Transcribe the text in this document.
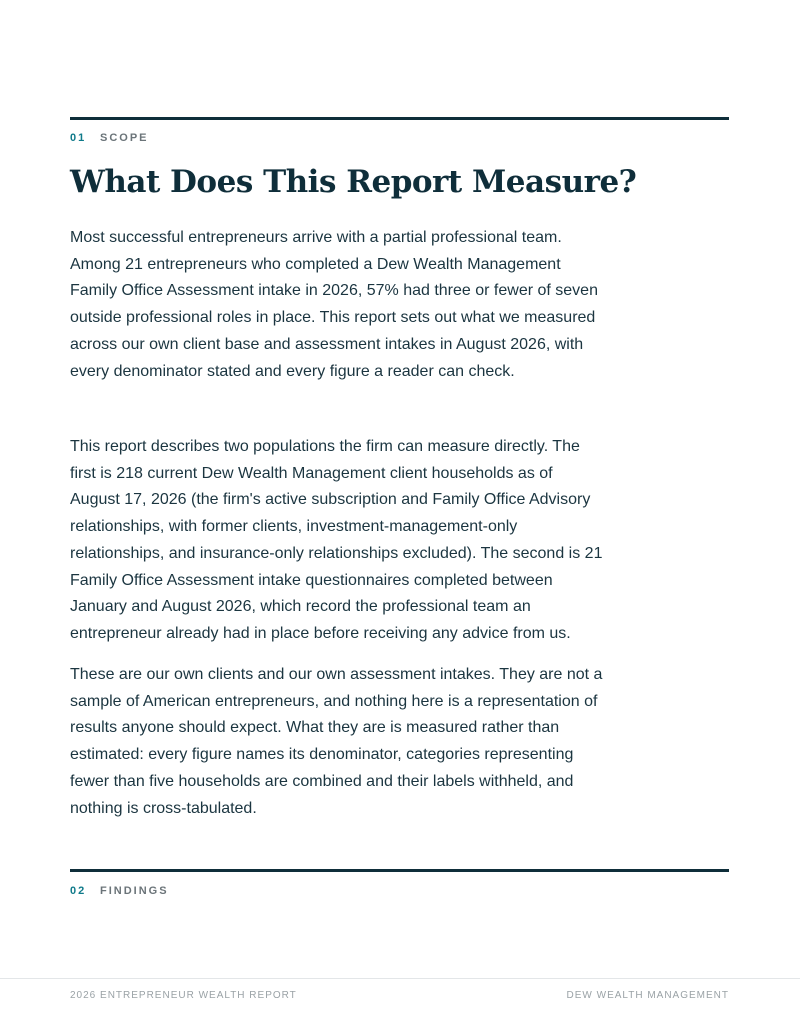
01	SCOPE
What Does This Report Measure?

Most successful entrepreneurs arrive with a partial professional team. Among 21 entrepreneurs who completed a Dew Wealth Management Family Office Assessment intake in 2026, 57% had three or fewer of seven outside professional roles in place. This report sets out what we measured across our own client base and assessment intakes in August 2026, with every denominator stated and every figure a reader can check.

This report describes two populations the firm can measure directly. The first is 218 current Dew Wealth Management client households as of August 17, 2026 (the firm's active subscription and Family Office Advisory relationships, with former clients, investment-management-only relationships, and insurance-only relationships excluded). The second is 21 Family Office Assessment intake questionnaires completed between January and August 2026, which record the professional team an entrepreneur already had in place before receiving any advice from us.

These are our own clients and our own assessment intakes. They are not a sample of American entrepreneurs, and nothing here is a representation of results anyone should expect. What they are is measured rather than estimated: every figure names its denominator, categories representing fewer than five households are combined and their labels withheld, and nothing is cross-tabulated.

02	FINDINGS
2026 ENTREPRENEUR WEALTH REPORT	DEW WEALTH MANAGEMENT
